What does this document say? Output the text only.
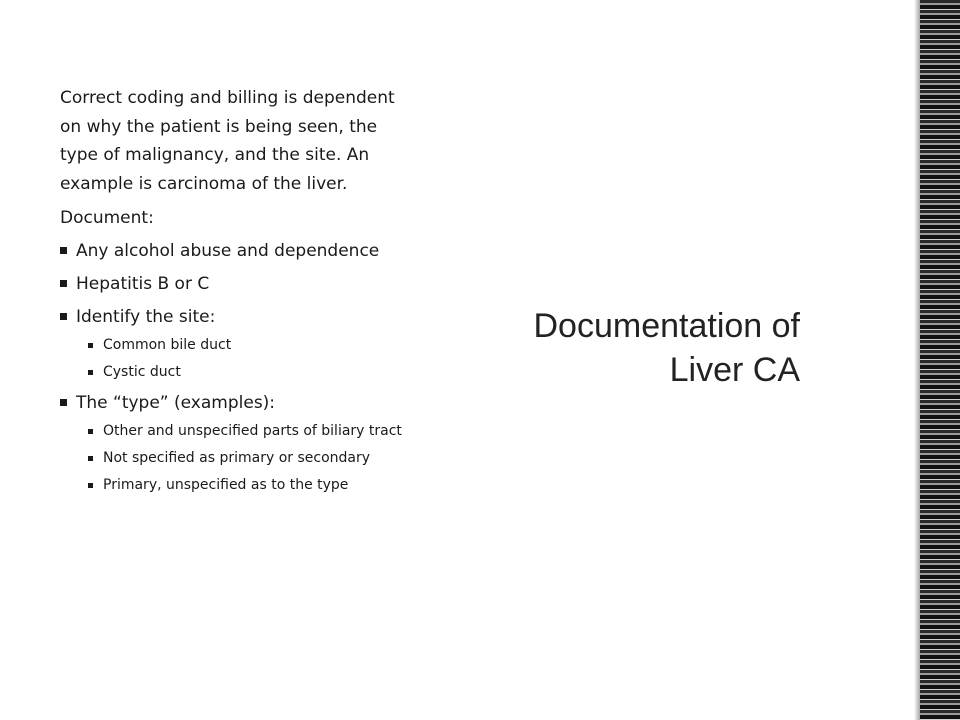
Correct coding and billing is dependent on why the patient is being seen, the type of malignancy, and the site. An example is carcinoma of the liver.

Document:

Any alcohol abuse and dependence
Hepatitis B or C
Identify the site:
Common bile duct
Cystic duct
The “type” (examples):
Other and unspecified parts of biliary tract
Not specified as primary or secondary
Primary, unspecified as to the type
Documentation of
Liver CA
